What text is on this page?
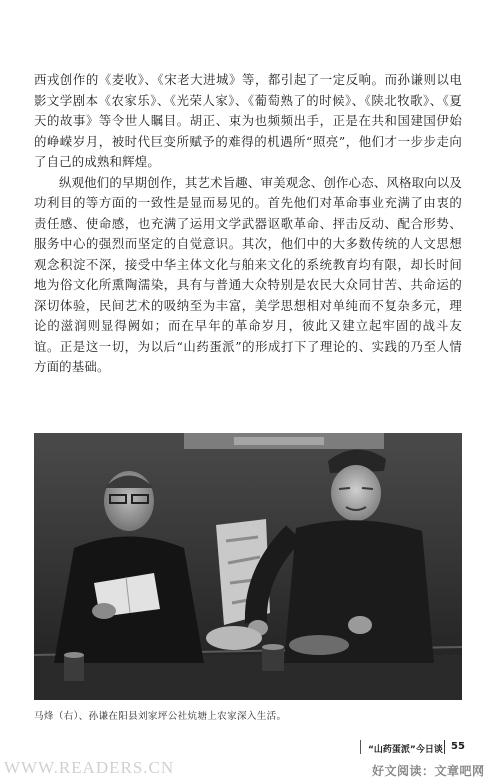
西戎创作的《麦收》、《宋老大进城》等，都引起了一定反响。而孙谦则以电影文学剧本《农家乐》、《光荣人家》、《葡萄熟了的时候》、《陕北牧歌》、《夏天的故事》等令世人瞩目。胡正、束为也频频出手，正是在共和国建国伊始的峥嵘岁月，被时代巨变所赋予的难得的机遇所“照亮”，他们才一步步走向了自己的成熟和辉煌。

纵观他们的早期创作，其艺术旨趣、审美观念、创作心态、风格取向以及功利目的等方面的一致性是显而易见的。首先他们对革命事业充满了由衷的责任感、使命感，也充满了运用文学武器讴歌革命、抨击反动、配合形势、服务中心的强烈而坚定的自觉意识。其次，他们中的大多数传统的人文思想观念积淀不深，接受中华主体文化与舶来文化的系统教育均有限，却长时间地为俗文化所熏陶濡染，具有与普通大众特别是农民大众同甘苦、共命运的深切体验，民间艺术的吸纳至为丰富，美学思想相对单纯而不复杂多元，理论的滋润则显得阙如；而在早年的革命岁月，彼此又建立起牢固的战斗友谊。正是这一切，为以后“山药蛋派”的形成打下了理论的、实践的乃至人情方面的基础。

马烽（右）、孙谦在阳县刘家坪公社炕塘上农家深入生活。
“山药蛋派”今日谈 55
WWW.READERS.CN	好文阅读：文章吧网
